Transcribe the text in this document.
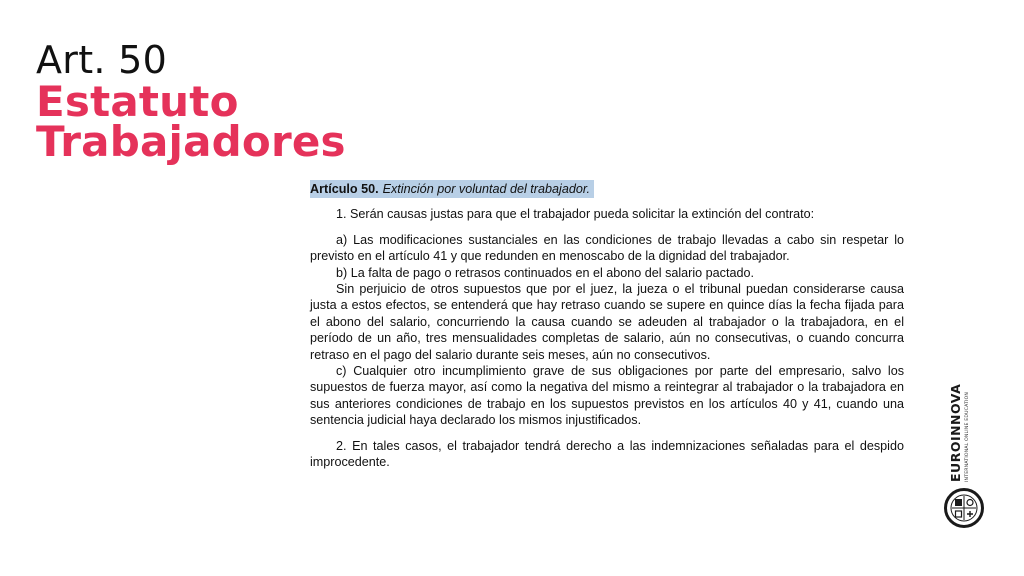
Art. 50
Estatuto
Trabajadores
Artículo 50. Extinción por voluntad del trabajador.

1. Serán causas justas para que el trabajador pueda solicitar la extinción del contrato:

a) Las modificaciones sustanciales en las condiciones de trabajo llevadas a cabo sin respetar lo previsto en el artículo 41 y que redunden en menoscabo de la dignidad del trabajador.

b) La falta de pago o retrasos continuados en el abono del salario pactado.

Sin perjuicio de otros supuestos que por el juez, la jueza o el tribunal puedan considerarse causa justa a estos efectos, se entenderá que hay retraso cuando se supere en quince días la fecha fijada para el abono del salario, concurriendo la causa cuando se adeuden al trabajador o la trabajadora, en el período de un año, tres mensualidades completas de salario, aún no consecutivas, o cuando concurra retraso en el pago del salario durante seis meses, aún no consecutivos.

c) Cualquier otro incumplimiento grave de sus obligaciones por parte del empresario, salvo los supuestos de fuerza mayor, así como la negativa del mismo a reintegrar al trabajador o la trabajadora en sus anteriores condiciones de trabajo en los supuestos previstos en los artículos 40 y 41, cuando una sentencia judicial haya declarado los mismos injustificados.

2. En tales casos, el trabajador tendrá derecho a las indemnizaciones señaladas para el despido improcedente.	EUROINNOVA INTERNATIONAL ONLINE EDUCATION
